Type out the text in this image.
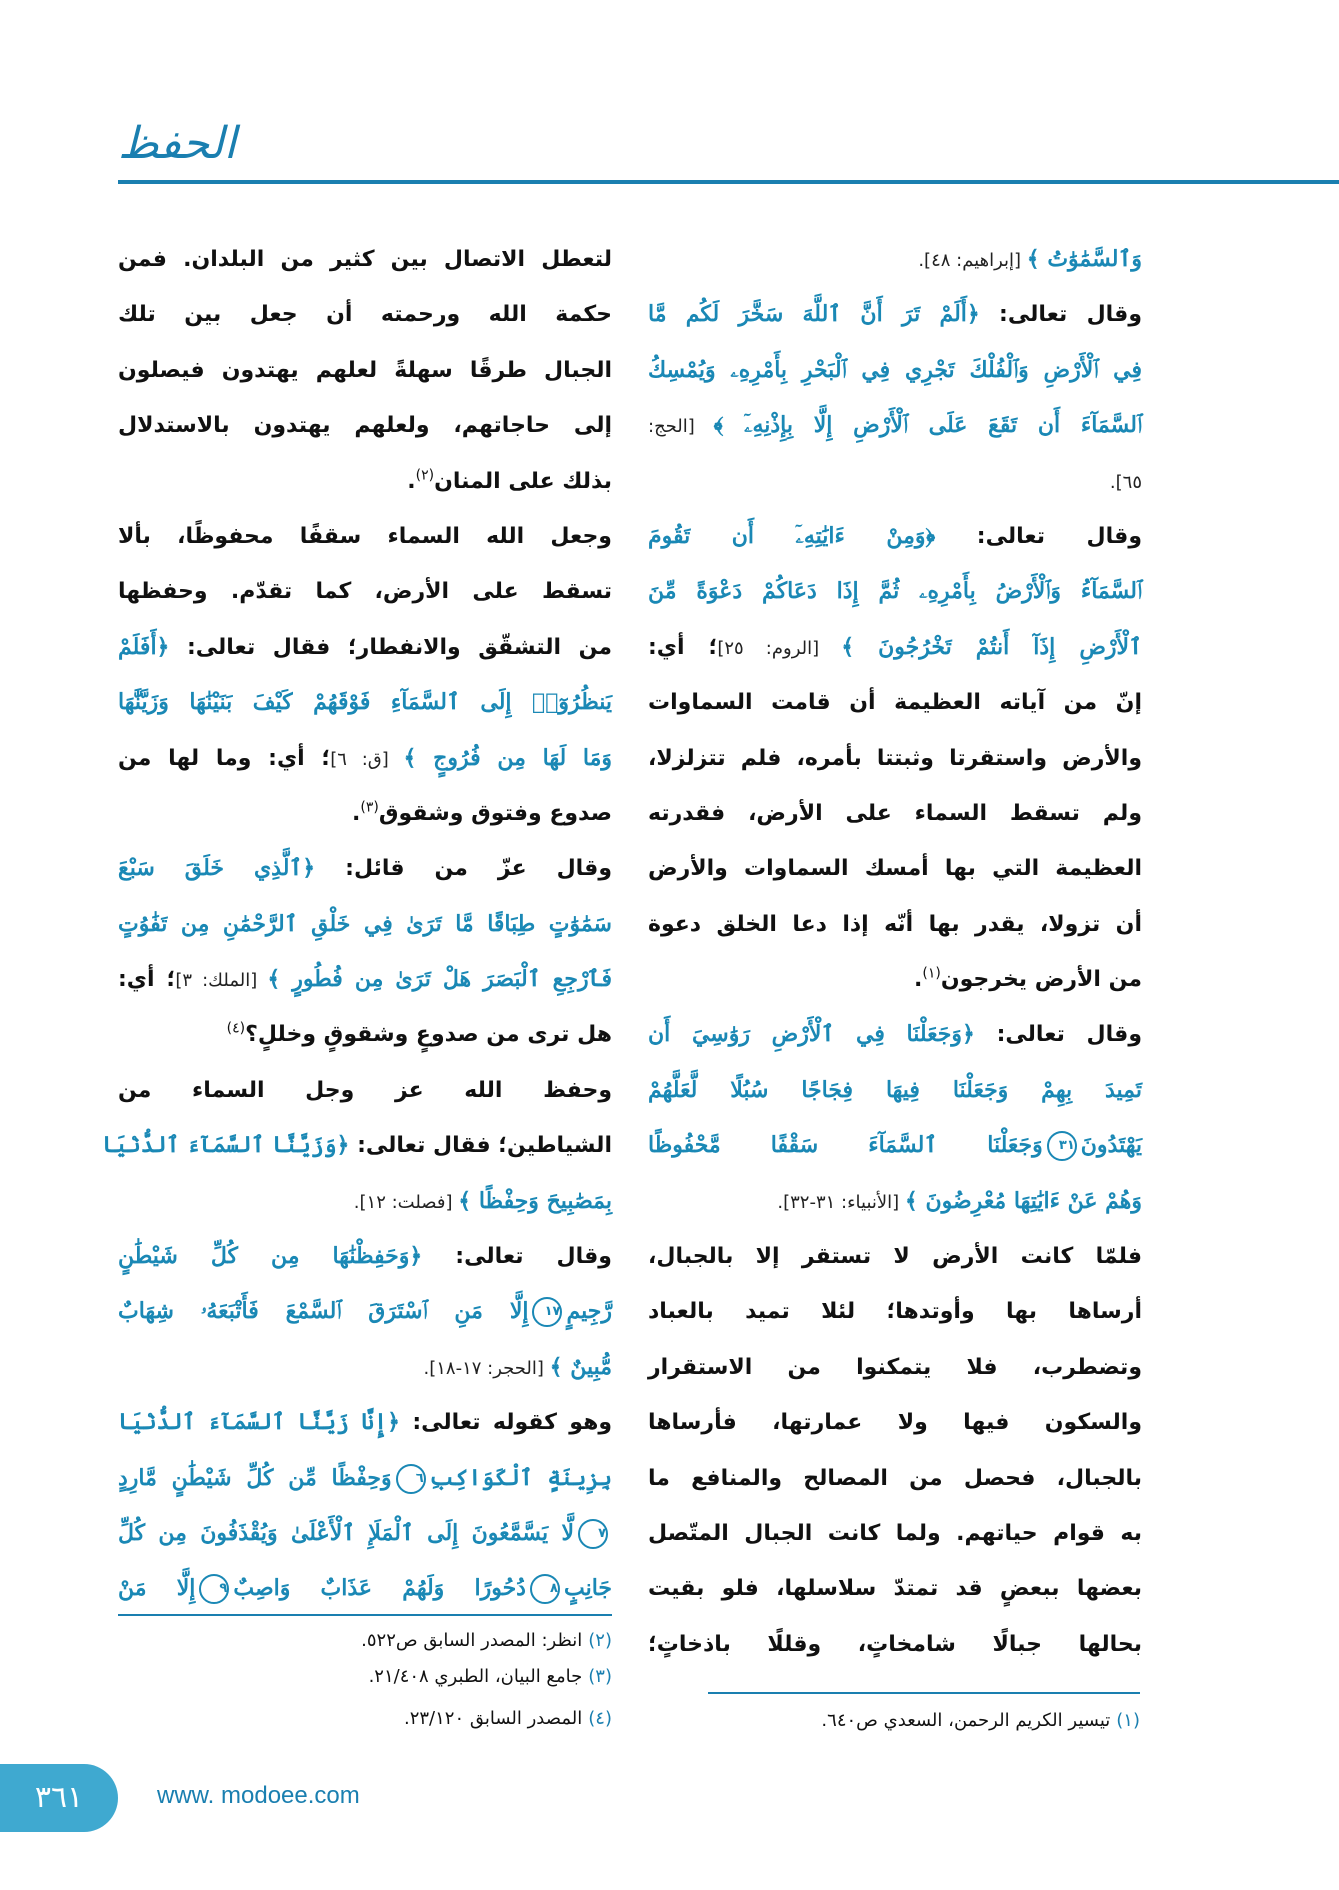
الحفظ
وَٱلسَّمَٰوَٰتُ ﴾ [إبراهيم: ٤٨].
وقال تعالى: ﴿أَلَمْ تَرَ أَنَّ ٱللَّهَ سَخَّرَ لَكُم مَّا
فِي ٱلْأَرْضِ وَٱلْفُلْكَ تَجْرِي فِي ٱلْبَحْرِ بِأَمْرِهِۦ وَيُمْسِكُ
ٱلسَّمَآءَ أَن تَقَعَ عَلَى ٱلْأَرْضِ إِلَّا بِإِذْنِهِۦٓ ﴾ [الحج:
٦٥].
وقال تعالى: ﴿وَمِنْ ءَايَٰتِهِۦٓ أَن تَقُومَ
ٱلسَّمَآءُ وَٱلْأَرْضُ بِأَمْرِهِۦ ثُمَّ إِذَا دَعَاكُمْ دَعْوَةً مِّنَ
ٱلْأَرْضِ إِذَآ أَنتُمْ تَخْرُجُونَ ﴾ [الروم: ٢٥]؛ أي:
إنّ من آياته العظيمة أن قامت السماوات
والأرض واستقرتا وثبتتا بأمره، فلم تتزلزلا،
ولم تسقط السماء على الأرض، فقدرته
العظيمة التي بها أمسك السماوات والأرض
أن تزولا، يقدر بها أنّه إذا دعا الخلق دعوة
من الأرض يخرجون$^{(١)}$.
وقال تعالى: ﴿وَجَعَلْنَا فِي ٱلْأَرْضِ رَوَٰسِيَ أَن
تَمِيدَ بِهِمْ وَجَعَلْنَا فِيهَا فِجَاجًا سُبُلًا لَّعَلَّهُمْ
يَهْتَدُونَ٣١وَجَعَلْنَا ٱلسَّمَآءَ سَقْفًا مَّحْفُوظًا
وَهُمْ عَنْ ءَايَٰتِهَا مُعْرِضُونَ ﴾ [الأنبياء: ٣١-٣٢].
فلمّا كانت الأرض لا تستقر إلا بالجبال،
أرساها بها وأوتدها؛ لئلا تميد بالعباد
وتضطرب، فلا يتمكنوا من الاستقرار
والسكون فيها ولا عمارتها، فأرساها
بالجبال، فحصل من المصالح والمنافع ما
به قوام حياتهم. ولما كانت الجبال المتّصل
بعضها ببعضٍ قد تمتدّ سلاسلها، فلو بقيت
بحالها جبالًا شامخاتٍ، وقللًا باذخاتٍ؛
لتعطل الاتصال بين كثير من البلدان. فمن
حكمة الله ورحمته أن جعل بين تلك
الجبال طرقًا سهلةً لعلهم يهتدون فيصلون
إلى حاجاتهم، ولعلهم يهتدون بالاستدلال
بذلك على المنان$^{(٢)}$.
وجعل الله السماء سقفًا محفوظًا، بألا
تسقط على الأرض، كما تقدّم. وحفظها
من التشقّق والانفطار؛ فقال تعالى: ﴿أَفَلَمْ
يَنظُرُوٓا۟ إِلَى ٱلسَّمَآءِ فَوْقَهُمْ كَيْفَ بَنَيْنَٰهَا وَزَيَّنَّٰهَا
وَمَا لَهَا مِن فُرُوجٍ ﴾ [ق: ٦]؛ أي: وما لها من
صدوع وفتوق وشقوق$^{(٣)}$.
وقال عزّ من قائل: ﴿ٱلَّذِي خَلَقَ سَبْعَ
سَمَٰوَٰتٍ طِبَاقًا مَّا تَرَىٰ فِي خَلْقِ ٱلرَّحْمَٰنِ مِن تَفَٰوُتٍ
فَٱرْجِعِ ٱلْبَصَرَ هَلْ تَرَىٰ مِن فُطُورٍ ﴾ [الملك: ٣]؛ أي:
هل ترى من صدوعٍ وشقوقٍ وخللٍ؟$^{(٤)}$
وحفظ الله عز وجل السماء من
الشياطين؛ فقال تعالى: ﴿وَزَيَّنَّا ٱلسَّمَآءَ ٱلدُّنْيَا
بِمَصَٰبِيحَ وَحِفْظًا ﴾ [فصلت: ١٢].
وقال تعالى: ﴿وَحَفِظْنَٰهَا مِن كُلِّ شَيْطَٰنٍ
رَّجِيمٍ١٧إِلَّا مَنِ ٱسْتَرَقَ ٱلسَّمْعَ فَأَتْبَعَهُۥ شِهَابٌ
مُّبِينٌ ﴾ [الحجر: ١٧-١٨].
وهو كقوله تعالى: ﴿إِنَّا زَيَّنَّا ٱلسَّمَآءَ ٱلدُّنْيَا
بِزِينَةٍ ٱلْكَوَاكِبِ٦وَحِفْظًا مِّن كُلِّ شَيْطَٰنٍ مَّارِدٍ
٧لَّا يَسَّمَّعُونَ إِلَى ٱلْمَلَإِ ٱلْأَعْلَىٰ وَيُقْذَفُونَ مِن كُلِّ
جَانِبٍ٨دُحُورًا وَلَهُمْ عَذَابٌ وَاصِبٌ٩إِلَّا مَنْ
(١)تيسير الكريم الرحمن، السعدي ص٦٤٠.
(٢)انظر: المصدر السابق ص٥٢٢.
(٣)جامع البيان، الطبري ٢١/٤٠٨.
(٤)المصدر السابق ٢٣/١٢٠.
٣٦١	www. modoee.com
